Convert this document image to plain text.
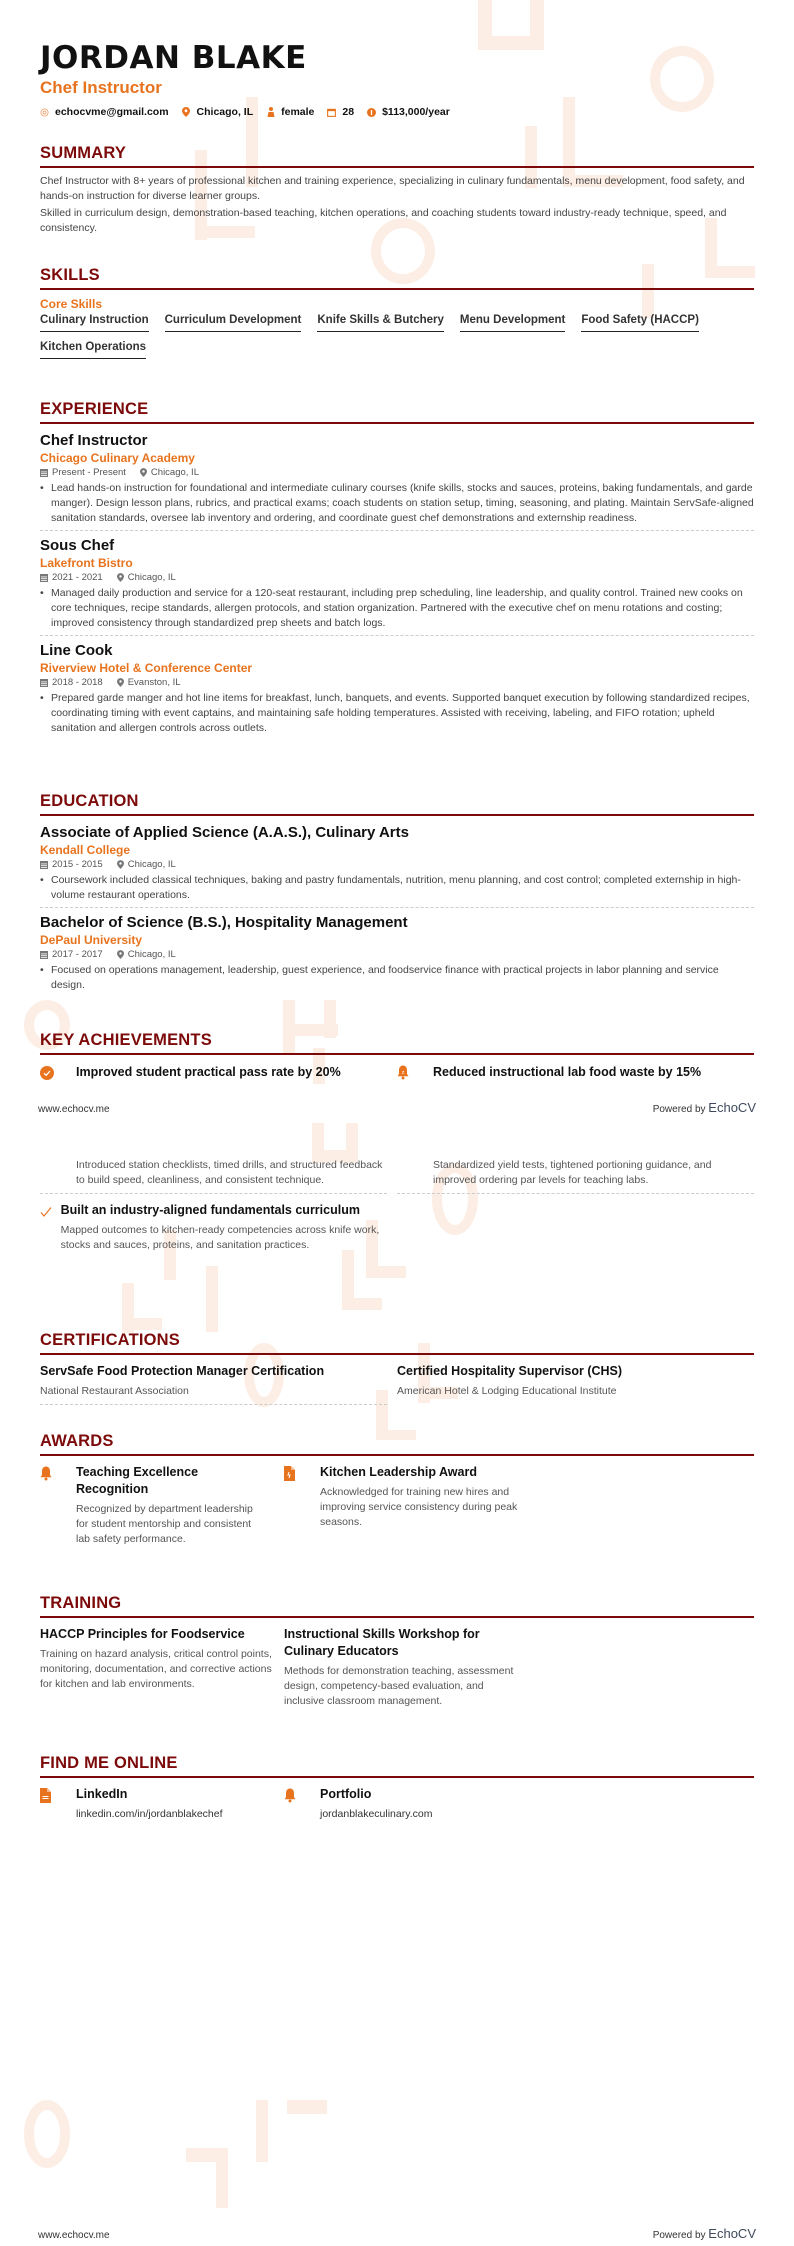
JORDAN BLAKE
Chef Instructor
echocvme@gmail.com	Chicago, IL	female	28	$113,000/year
SUMMARY
Chef Instructor with 8+ years of professional kitchen and training experience, specializing in culinary fundamentals, menu development, food safety, and hands-on instruction for diverse learner groups.
Skilled in curriculum design, demonstration-based teaching, kitchen operations, and coaching students toward industry-ready technique, speed, and consistency.
SKILLS
Core Skills
Culinary Instruction Curriculum Development Knife Skills & Butchery Menu Development Food Safety (HACCP)
Kitchen Operations
EXPERIENCE
Chef Instructor
Chicago Culinary Academy
Present - Present	Chicago, IL
• Lead hands-on instruction for foundational and intermediate culinary courses (knife skills, stocks and sauces, proteins, baking fundamentals, and garde manger). Design lesson plans, rubrics, and practical exams; coach students on station setup, timing, seasoning, and plating. Maintain ServSafe-aligned sanitation standards, oversee lab inventory and ordering, and coordinate guest chef demonstrations and externship readiness.
Sous Chef
Lakefront Bistro
2021 - 2021	Chicago, IL
• Managed daily production and service for a 120-seat restaurant, including prep scheduling, line leadership, and quality control. Trained new cooks on core techniques, recipe standards, allergen protocols, and station organization. Partnered with the executive chef on menu rotations and costing; improved consistency through standardized prep sheets and batch logs.
Line Cook
Riverview Hotel & Conference Center
2018 - 2018	Evanston, IL
• Prepared garde manger and hot line items for breakfast, lunch, banquets, and events. Supported banquet execution by following standardized recipes, coordinating timing with event captains, and maintaining safe holding temperatures. Assisted with receiving, labeling, and FIFO rotation; upheld sanitation and allergen controls across outlets.
EDUCATION
Associate of Applied Science (A.A.S.), Culinary Arts
Kendall College
2015 - 2015	Chicago, IL
• Coursework included classical techniques, baking and pastry fundamentals, nutrition, menu planning, and cost control; completed externship in high-volume restaurant operations.
Bachelor of Science (B.S.), Hospitality Management
DePaul University
2017 - 2017	Chicago, IL
• Focused on operations management, leadership, guest experience, and foodservice finance with practical projects in labor planning and service design.
KEY ACHIEVEMENTS
Improved student practical pass rate by 20%	z Reduced instructional lab food waste by 15%
www.echocv.me	Powered by EchoCV
Introduced station checklists, timed drills, and structured feedback to build speed, cleanliness, and consistent technique.
Built an industry-aligned fundamentals curriculum
Mapped outcomes to kitchen-ready competencies across knife work, stocks and sauces, proteins, and sanitation practices.
Standardized yield tests, tightened portioning guidance, and improved ordering par levels for teaching labs.
CERTIFICATIONS
ServSafe Food Protection Manager Certification
National Restaurant Association
Certified Hospitality Supervisor (CHS)
American Hotel & Lodging Educational Institute
AWARDS
Teaching Excellence Recognition
Recognized by department leadership for student mentorship and consistent lab safety performance.
Kitchen Leadership Award
Acknowledged for training new hires and improving service consistency during peak seasons.
TRAINING
HACCP Principles for Foodservice
Training on hazard analysis, critical control points, monitoring, documentation, and corrective actions for kitchen and lab environments.
Instructional Skills Workshop for Culinary Educators
Methods for demonstration teaching, assessment design, competency-based evaluation, and inclusive classroom management.
FIND ME ONLINE
LinkedIn
linkedin.com/in/jordanblakechef
Portfolio
jordanblakeculinary.com
www.echocv.me	Powered by EchoCV
